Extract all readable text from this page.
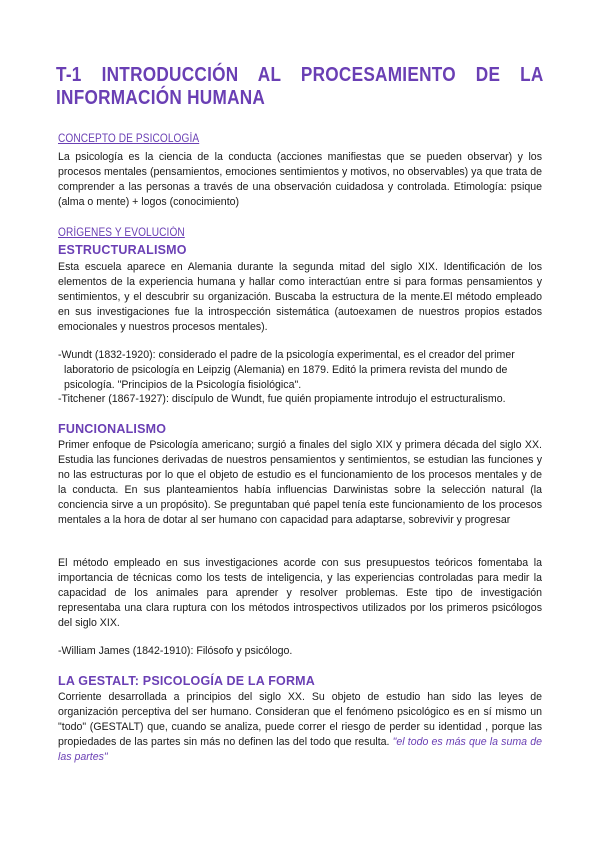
T-1 INTRODUCCIÓN AL PROCESAMIENTO DE LA INFORMACIÓN HUMANA
CONCEPTO DE PSICOLOGÍA

La psicología es la ciencia de la conducta (acciones manifiestas que se pueden observar) y los procesos mentales (pensamientos, emociones sentimientos y motivos, no observables) ya que trata de comprender a las personas a través de una observación cuidadosa y controlada. Etimología: psique (alma o mente) + logos (conocimiento)

ORÍGENES Y EVOLUCIÓN
ESTRUCTURALISMO

Esta escuela aparece en Alemania durante la segunda mitad del siglo XIX. Identificación de los elementos de la experiencia humana y hallar como interactúan entre si para formas pensamientos y sentimientos, y el descubrir su organización. Buscaba la estructura de la mente.El método empleado en sus investigaciones fue la introspección sistemática (autoexamen de nuestros propios estados emocionales y nuestros procesos mentales).

-Wundt (1832-1920): considerado el padre de la psicología experimental, es el creador del primer laboratorio de psicología en Leipzig (Alemania) en 1879. Editó la primera revista del mundo de psicología. "Principios de la Psicología fisiológica".

-Titchener (1867-1927): discípulo de Wundt, fue quién propiamente introdujo el estructuralismo.

FUNCIONALISMO

Primer enfoque de Psicología americano; surgió a finales del siglo XIX y primera década del siglo XX. Estudia las funciones derivadas de nuestros pensamientos y sentimientos, se estudian las funciones y no las estructuras por lo que el objeto de estudio es el funcionamiento de los procesos mentales y de la conducta. En sus planteamientos había influencias Darwinistas sobre la selección natural (la conciencia sirve a un propósito). Se preguntaban qué papel tenía este funcionamiento de los procesos mentales a la hora de dotar al ser humano con capacidad para adaptarse, sobrevivir y progresar

El método empleado en sus investigaciones acorde con sus presupuestos teóricos fomentaba la importancia de técnicas como los tests de inteligencia, y las experiencias controladas para medir la capacidad de los animales para aprender y resolver problemas. Este tipo de investigación representaba una clara ruptura con los métodos introspectivos utilizados por los primeros psicólogos del siglo XIX.

-William James (1842-1910): Filósofo y psicólogo.

LA GESTALT: PSICOLOGÍA DE LA FORMA

Corriente desarrollada a principios del siglo XX. Su objeto de estudio han sido las leyes de organización perceptiva del ser humano. Consideran que el fenómeno psicológico es en sí mismo un "todo" (GESTALT) que, cuando se analiza, puede correr el riesgo de perder su identidad , porque las propiedades de las partes sin más no definen las del todo que resulta. "el todo es más que la suma de las partes"
